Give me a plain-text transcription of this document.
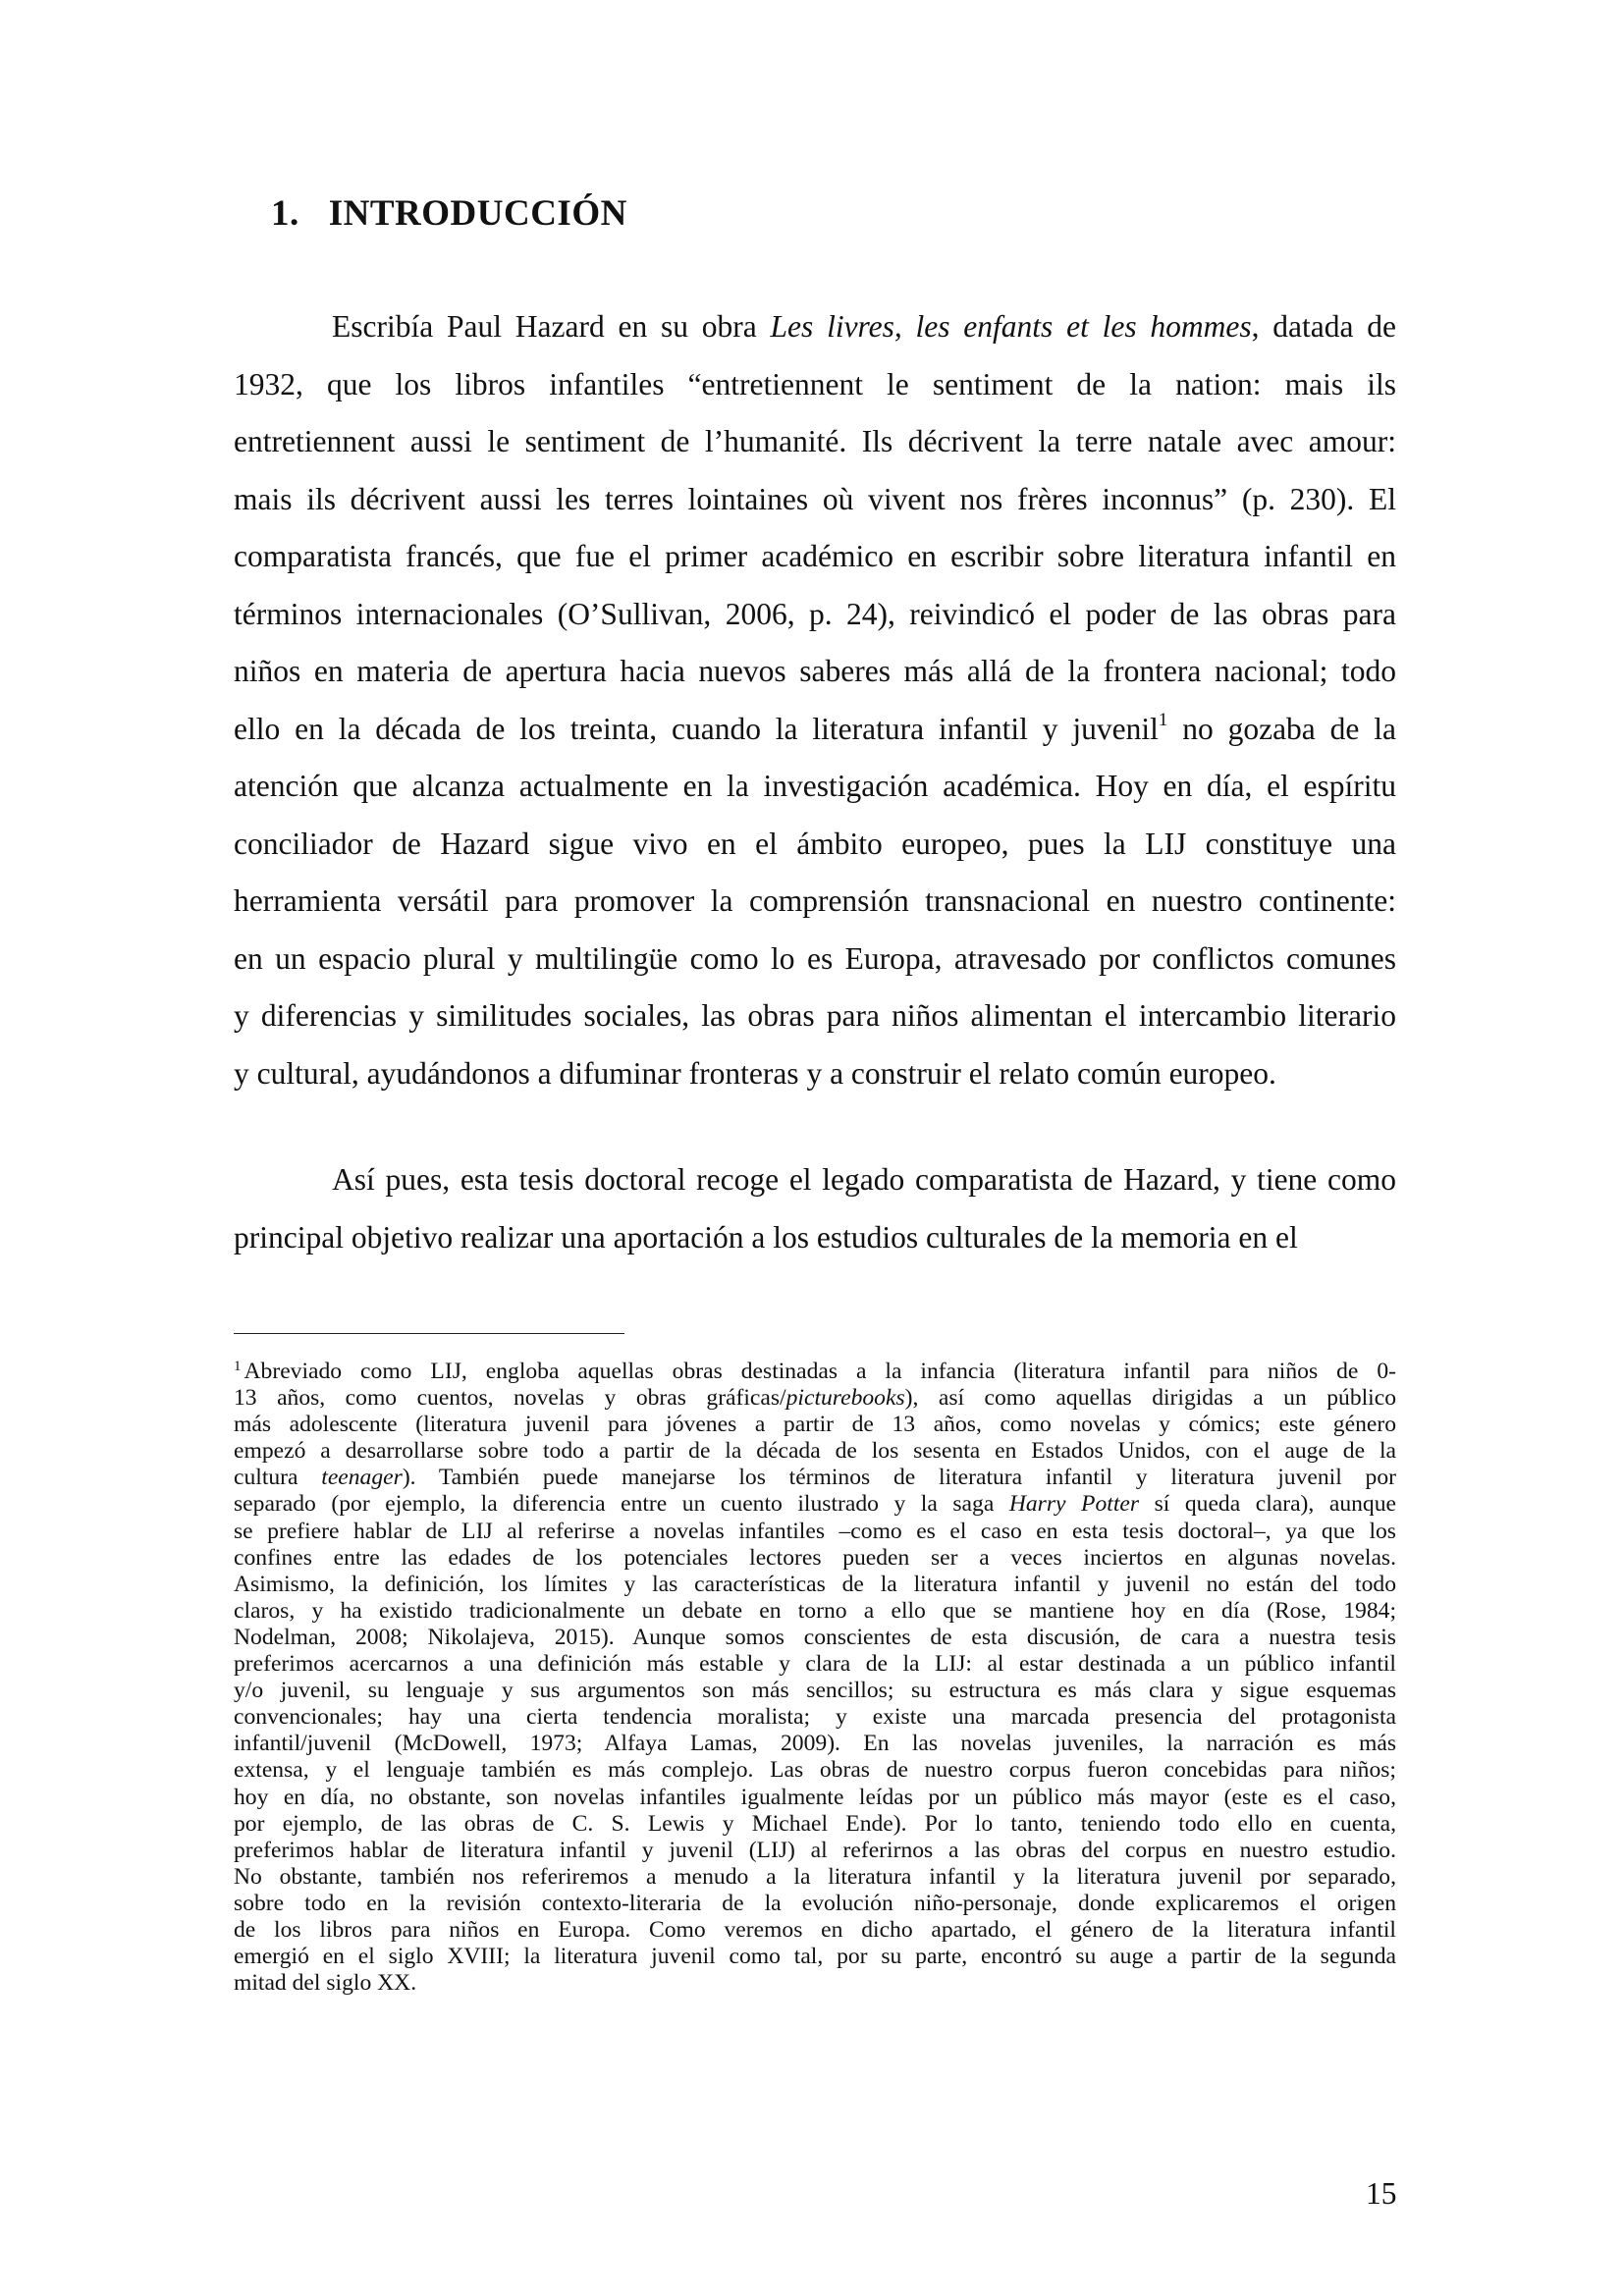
1. INTRODUCCIÓN
Escribía Paul Hazard en su obra Les livres, les enfants et les hommes, datada de
1932, que los libros infantiles “entretiennent le sentiment de la nation: mais ils
entretiennent aussi le sentiment de l’humanité. Ils décrivent la terre natale avec amour:
mais ils décrivent aussi les terres lointaines où vivent nos frères inconnus” (p. 230). El
comparatista francés, que fue el primer académico en escribir sobre literatura infantil en
términos internacionales (O’Sullivan, 2006, p. 24), reivindicó el poder de las obras para
niños en materia de apertura hacia nuevos saberes más allá de la frontera nacional; todo
ello en la década de los treinta, cuando la literatura infantil y juvenil$^1$ no gozaba de la
atención que alcanza actualmente en la investigación académica. Hoy en día, el espíritu
conciliador de Hazard sigue vivo en el ámbito europeo, pues la LIJ constituye una
herramienta versátil para promover la comprensión transnacional en nuestro continente:
en un espacio plural y multilingüe como lo es Europa, atravesado por conflictos comunes
y diferencias y similitudes sociales, las obras para niños alimentan el intercambio literario
y cultural, ayudándonos a difuminar fronteras y a construir el relato común europeo.
Así pues, esta tesis doctoral recoge el legado comparatista de Hazard, y tiene como
principal objetivo realizar una aportación a los estudios culturales de la memoria en el
$^1$ Abreviado como LIJ, engloba aquellas obras destinadas a la infancia (literatura infantil para niños de 0-
13 años, como cuentos, novelas y obras gráficas/picturebooks), así como aquellas dirigidas a un público
más adolescente (literatura juvenil para jóvenes a partir de 13 años, como novelas y cómics; este género
empezó a desarrollarse sobre todo a partir de la década de los sesenta en Estados Unidos, con el auge de la
cultura teenager). También puede manejarse los términos de literatura infantil y literatura juvenil por
separado (por ejemplo, la diferencia entre un cuento ilustrado y la saga Harry Potter sí queda clara), aunque
se prefiere hablar de LIJ al referirse a novelas infantiles –como es el caso en esta tesis doctoral–, ya que los
confines entre las edades de los potenciales lectores pueden ser a veces inciertos en algunas novelas.
Asimismo, la definición, los límites y las características de la literatura infantil y juvenil no están del todo
claros, y ha existido tradicionalmente un debate en torno a ello que se mantiene hoy en día (Rose, 1984;
Nodelman, 2008; Nikolajeva, 2015). Aunque somos conscientes de esta discusión, de cara a nuestra tesis
preferimos acercarnos a una definición más estable y clara de la LIJ: al estar destinada a un público infantil
y/o juvenil, su lenguaje y sus argumentos son más sencillos; su estructura es más clara y sigue esquemas
convencionales; hay una cierta tendencia moralista; y existe una marcada presencia del protagonista
infantil/juvenil (McDowell, 1973; Alfaya Lamas, 2009). En las novelas juveniles, la narración es más
extensa, y el lenguaje también es más complejo. Las obras de nuestro corpus fueron concebidas para niños;
hoy en día, no obstante, son novelas infantiles igualmente leídas por un público más mayor (este es el caso,
por ejemplo, de las obras de C. S. Lewis y Michael Ende). Por lo tanto, teniendo todo ello en cuenta,
preferimos hablar de literatura infantil y juvenil (LIJ) al referirnos a las obras del corpus en nuestro estudio.
No obstante, también nos referiremos a menudo a la literatura infantil y la literatura juvenil por separado,
sobre todo en la revisión contexto-literaria de la evolución niño-personaje, donde explicaremos el origen
de los libros para niños en Europa. Como veremos en dicho apartado, el género de la literatura infantil
emergió en el siglo XVIII; la literatura juvenil como tal, por su parte, encontró su auge a partir de la segunda
mitad del siglo XX.
15
